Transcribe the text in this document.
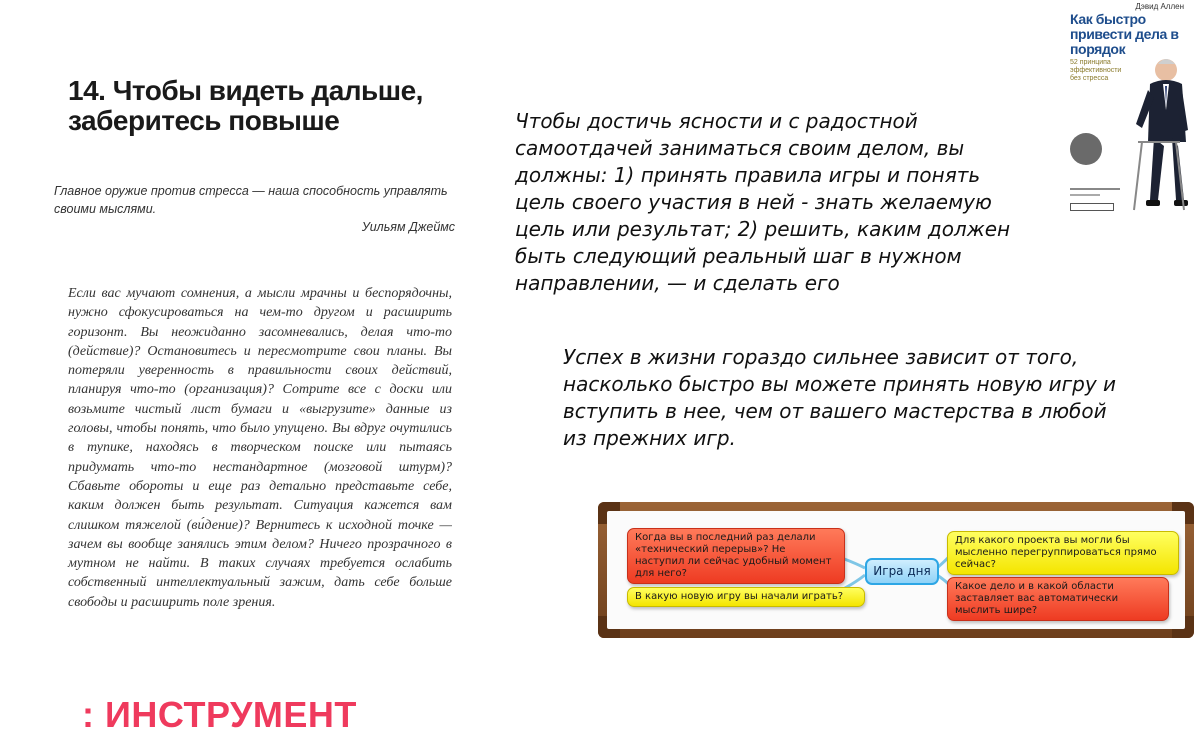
14. Чтобы видеть дальше, заберитесь повыше
Главное оружие против стресса — наша способность управлять своими мыслями.
Уильям Джеймс
Если вас мучают сомнения, а мысли мрачны и беспорядочны, нужно сфокусироваться на чем-то другом и расширить горизонт. Вы неожиданно засомневались, делая что-то (действие)? Остановитесь и пересмотрите свои планы. Вы потеряли уверенность в правильности своих действий, планируя что-то (организация)? Сотрите все с доски или возьмите чистый лист бумаги и «выгрузите» данные из головы, чтобы понять, что было упущено. Вы вдруг очутились в тупике, находясь в творческом поиске или пытаясь придумать что-то нестандартное (мозговой штурм)? Сбавьте обороты и еще раз детально представьте себе, каким должен быть результат. Ситуация кажется вам слишком тяжелой (ви́дение)? Вернитесь к исходной точке — зачем вы вообще занялись этим делом? Ничего прозрачного в мутном не найти. В таких случаях требуется ослабить собственный интеллектуальный зажим, дать себе больше свободы и расширить поле зрения.
Чтобы достичь ясности и с радостной самоотдачей заниматься своим делом, вы должны: 1) принять правила игры и понять цель своего участия в ней - знать желаемую цель или результат; 2) решить, каким должен быть следующий реальный шаг в нужном направлении, — и сделать его
Успех в жизни гораздо сильнее зависит от того, насколько быстро вы можете принять новую игру и вступить в нее, чем от вашего мастерства в любой из прежних игр.
: ИНСТРУМЕНТ
Дэвид Аллен
Как быстро привести дела в порядок
52 принципа эффективности без стресса
Когда вы в последний раз делали «технический перерыв»? Не наступил ли сейчас удобный момент для него?
В какую новую игру вы начали играть?
Игра дня
Для какого проекта вы могли бы мысленно перегруппироваться прямо сейчас?
Какое дело и в какой области заставляет вас автоматически мыслить шире?
